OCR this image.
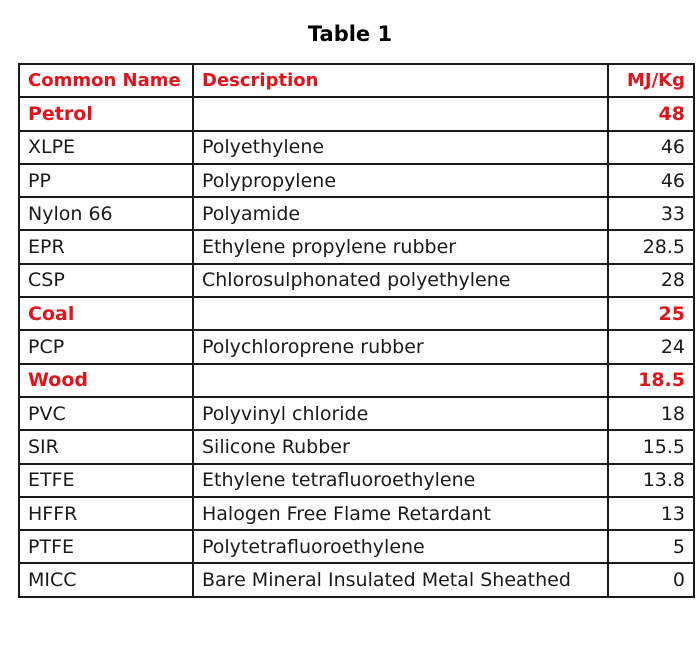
Table 1
Common Name	Description	MJ/Kg
Petrol		48
XLPE	Polyethylene	46
PP	Polypropylene	46
Nylon 66	Polyamide	33
EPR	Ethylene propylene rubber	28.5
CSP	Chlorosulphonated polyethylene	28
Coal		25
PCP	Polychloroprene rubber	24
Wood		18.5
PVC	Polyvinyl chloride	18
SIR	Silicone Rubber	15.5
ETFE	Ethylene tetrafluoroethylene	13.8
HFFR	Halogen Free Flame Retardant	13
PTFE	Polytetrafluoroethylene	5
MICC	Bare Mineral Insulated Metal Sheathed	0
